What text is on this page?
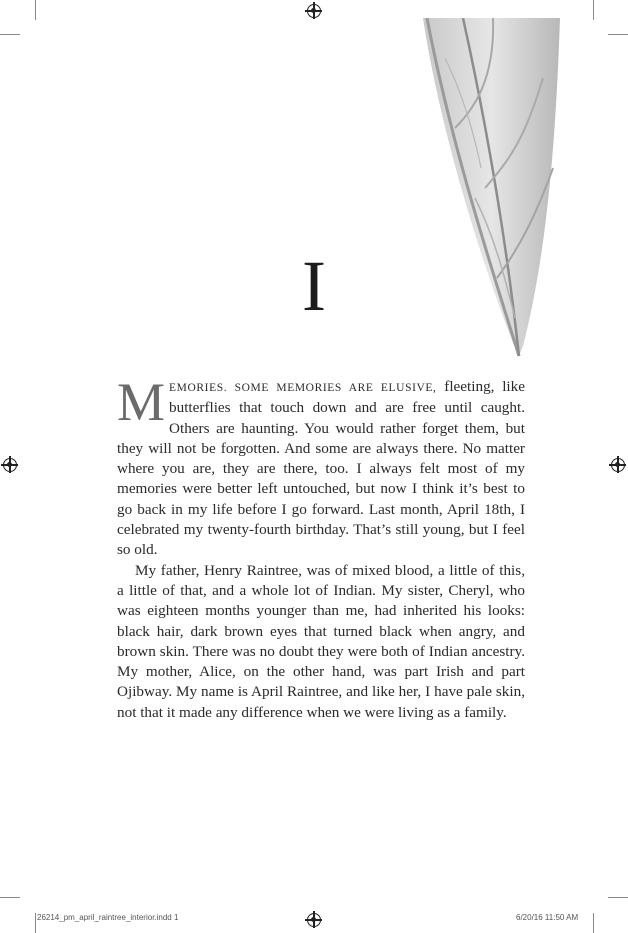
I

MEMORIES. SOME MEMORIES ARE ELUSIVE, fleeting, like butterflies that touch down and are free until caught. Others are haunting. You would rather forget them, but they will not be forgotten. And some are always there. No matter where you are, they are there, too. I always felt most of my memories were better left untouched, but now I think it’s best to go back in my life before I go forward. Last month, April 18th, I celebrated my twenty-fourth birthday. That’s still young, but I feel so old.

My father, Henry Raintree, was of mixed blood, a little of this, a little of that, and a whole lot of Indian. My sister, Cheryl, who was eighteen months younger than me, had inherited his looks: black hair, dark brown eyes that turned black when angry, and brown skin. There was no doubt they were both of Indian ancestry. My mother, Alice, on the other hand, was part Irish and part Ojibway. My name is April Raintree, and like her, I have pale skin, not that it made any difference when we were living as a family.

26214_pm_april_raintree_interior.indd 1	6/20/16 11:50 AM
